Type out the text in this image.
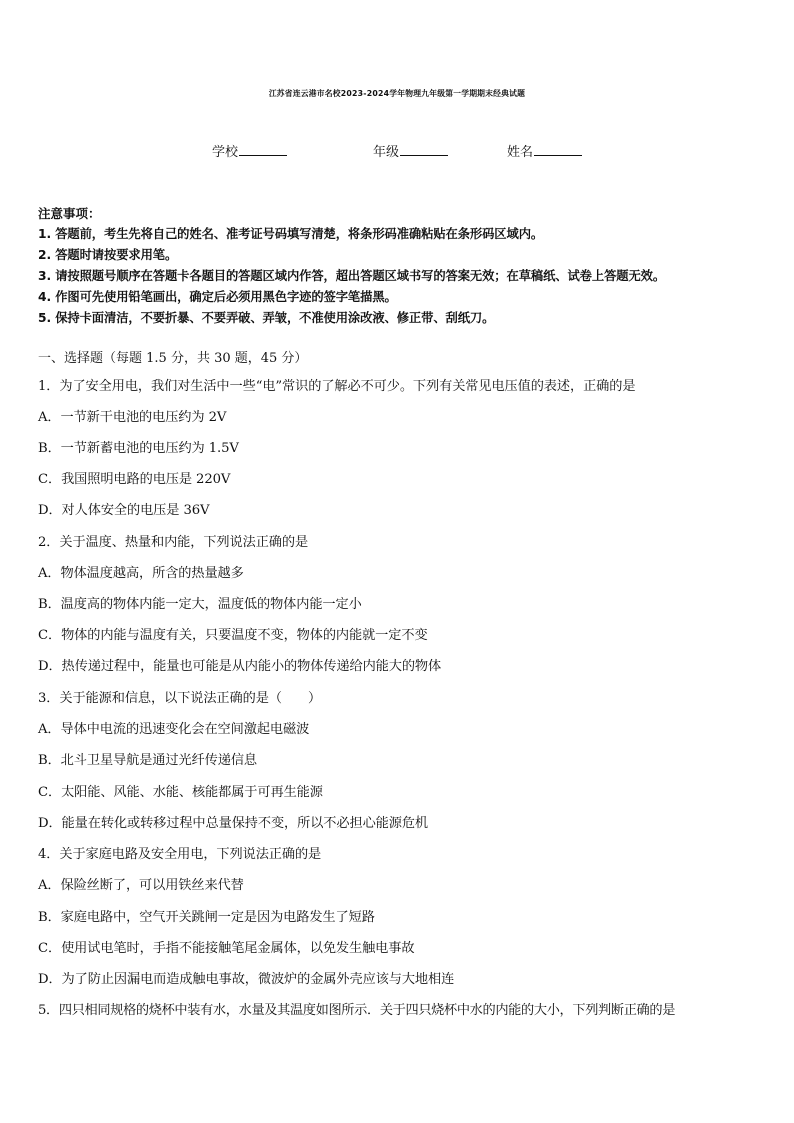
江苏省连云港市名校2023-2024学年物理九年级第一学期期末经典试题
学校	年级	姓名
注意事项：
1. 答题前，考生先将自己的姓名、准考证号码填写清楚，将条形码准确粘贴在条形码区域内。
2. 答题时请按要求用笔。
3. 请按照题号顺序在答题卡各题目的答题区域内作答，超出答题区域书写的答案无效；在草稿纸、试卷上答题无效。
4. 作图可先使用铅笔画出，确定后必须用黑色字迹的签字笔描黑。
5. 保持卡面清洁，不要折暴、不要弄破、弄皱，不准使用涂改液、修正带、刮纸刀。
一、选择题（每题 1.5 分，共 30 题，45 分）
1．为了安全用电，我们对生活中一些“电”常识的了解必不可少。下列有关常见电压值的表述，正确的是
A．一节新干电池的电压约为 2V
B．一节新蓄电池的电压约为 1.5V
C．我国照明电路的电压是 220V
D．对人体安全的电压是 36V
2．关于温度、热量和内能，下列说法正确的是
A．物体温度越高，所含的热量越多
B．温度高的物体内能一定大，温度低的物体内能一定小
C．物体的内能与温度有关，只要温度不变，物体的内能就一定不变
D．热传递过程中，能量也可能是从内能小的物体传递给内能大的物体
3．关于能源和信息，以下说法正确的是（　　）
A．导体中电流的迅速变化会在空间激起电磁波
B．北斗卫星导航是通过光纤传递信息
C．太阳能、风能、水能、核能都属于可再生能源
D．能量在转化或转移过程中总量保持不变，所以不必担心能源危机
4．关于家庭电路及安全用电，下列说法正确的是
A．保险丝断了，可以用铁丝来代替
B．家庭电路中，空气开关跳闸一定是因为电路发生了短路
C．使用试电笔时，手指不能接触笔尾金属体，以免发生触电事故
D．为了防止因漏电而造成触电事故，微波炉的金属外壳应该与大地相连
5．四只相同规格的烧杯中装有水，水量及其温度如图所示．关于四只烧杯中水的内能的大小，下列判断正确的是
